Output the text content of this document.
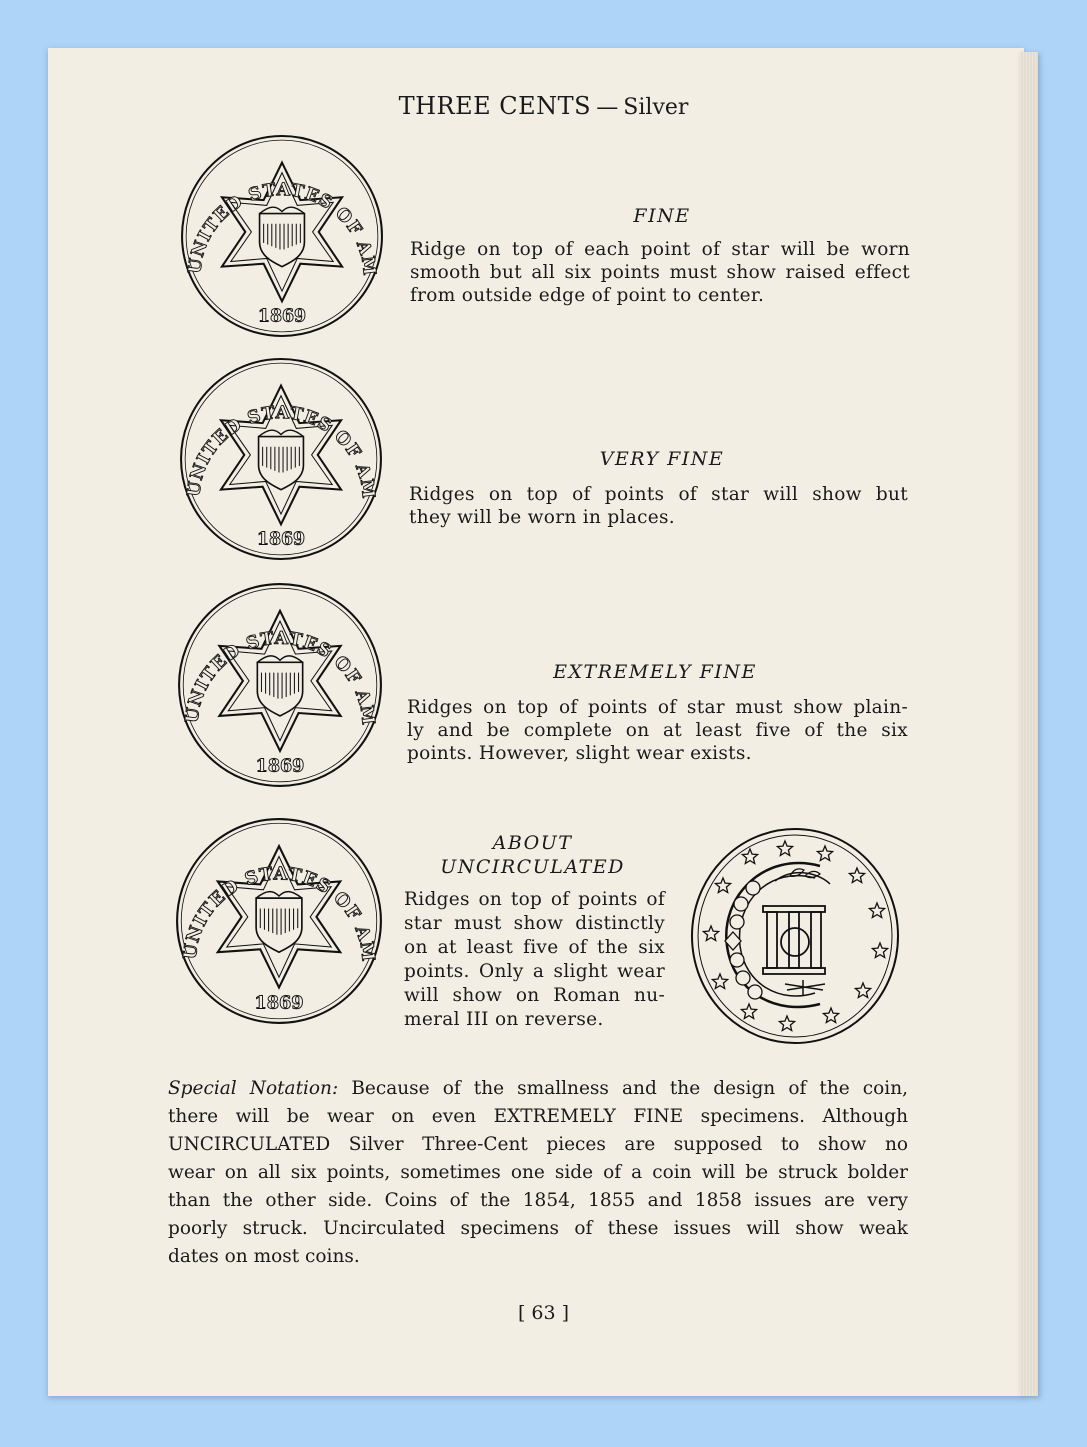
THREE CENTS — Silver
UNITED STATES OF AMERICA
1869
UNITED STATES OF AMERICA
1869
UNITED STATES OF AMERICA
1869
UNITED STATES OF AMERICA
1869
FINE
Ridge on top of each point of star will be worn
smooth but all six points must show raised effect
from outside edge of point to center.
VERY FINE
Ridges on top of points of star will show but
they will be worn in places.
EXTREMELY FINE
Ridges on top of points of star must show plain-
ly and be complete on at least five of the six
points. However, slight wear exists.
ABOUT
UNCIRCULATED
Ridges on top of points of
star must show distinctly
on at least five of the six
points. Only a slight wear
will show on Roman nu-
meral III on reverse.
Special Notation: Because of the smallness and the design of the coin,
there will be wear on even EXTREMELY FINE specimens. Although
UNCIRCULATED Silver Three-Cent pieces are supposed to show no
wear on all six points, sometimes one side of a coin will be struck bolder
than the other side. Coins of the 1854, 1855 and 1858 issues are very
poorly struck. Uncirculated specimens of these issues will show weak
dates on most coins.
[ 63 ]
